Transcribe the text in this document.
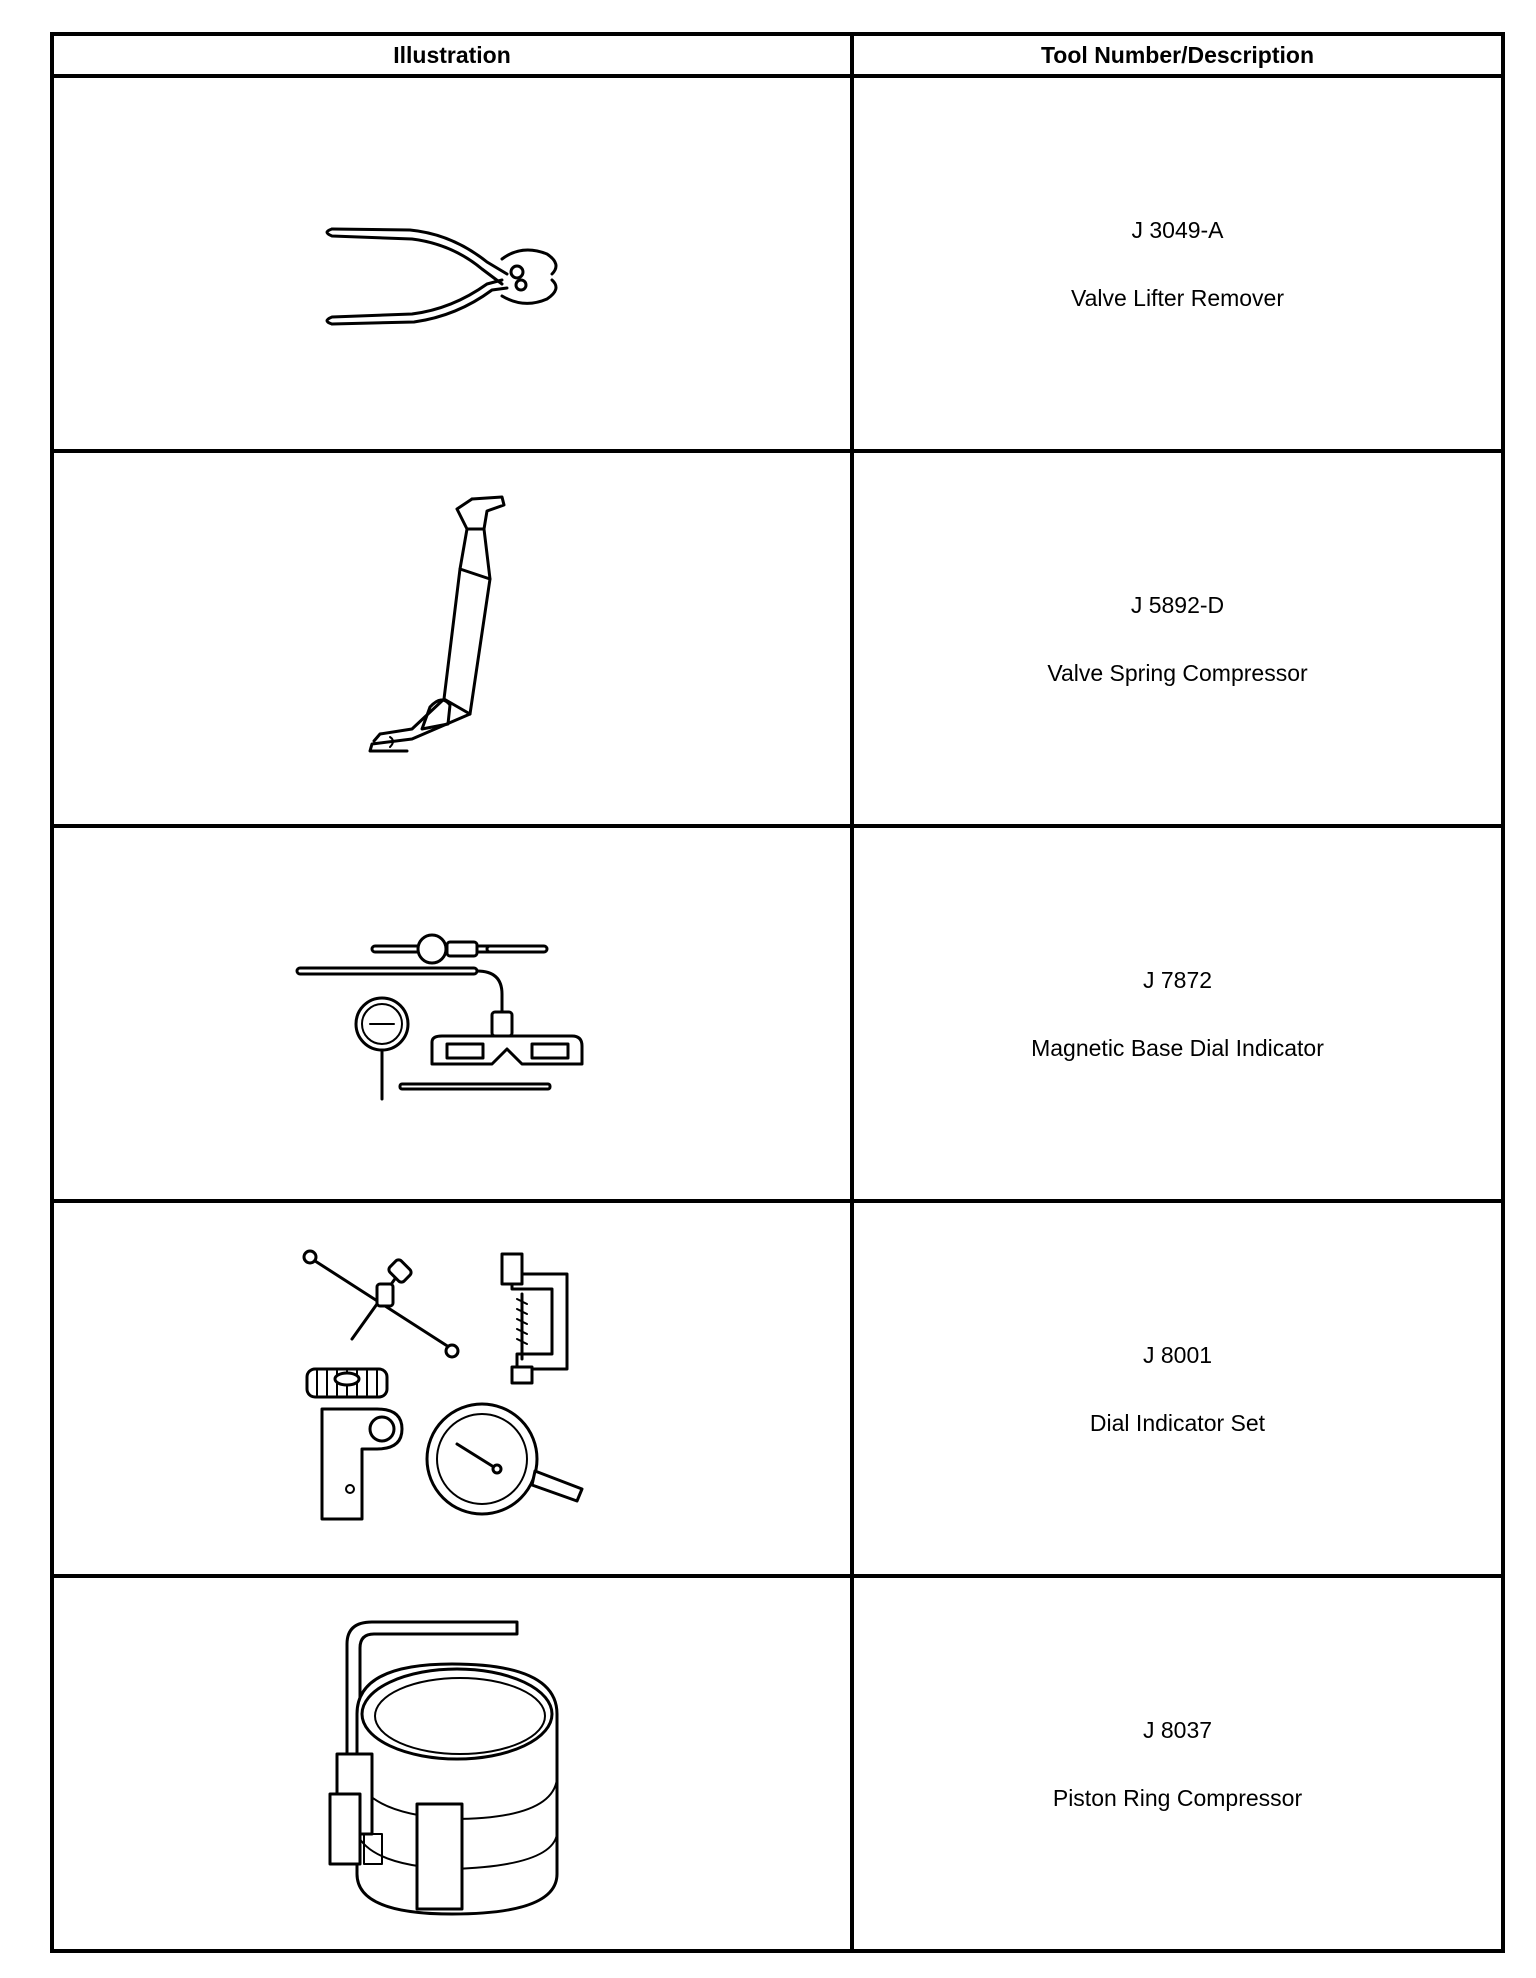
Illustration	Tool Number/Description

J 3049-A
Valve Lifter Remover

J 5892-D
Valve Spring Compressor

J 7872
Magnetic Base Dial Indicator

J 8001
Dial Indicator Set

J 8037
Piston Ring Compressor
